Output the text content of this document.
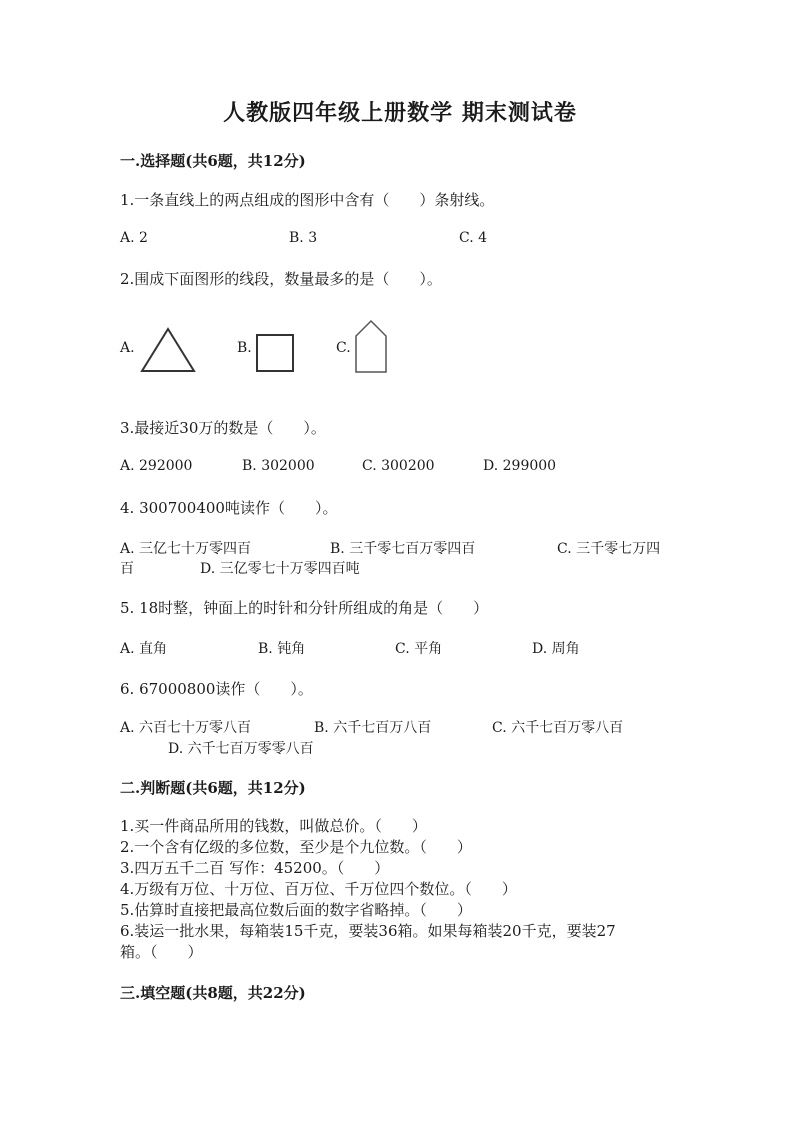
人教版四年级上册数学 期末测试卷
一.选择题(共6题，共12分)
1.一条直线上的两点组成的图形中含有（　　）条射线。
A. 2	B. 3	C. 4
2.围成下面图形的线段，数量最多的是（　　）。
A.	B.	C.
3.最接近30万的数是（　　）。
A. 292000	B. 302000	C. 300200	D. 299000
4. 300700400吨读作（　　）。
A. 三亿七十万零四百	B. 三千零七百万零四百	C. 三千零七万四
百	D. 三亿零七十万零四百吨
5. 18时整，钟面上的时针和分针所组成的角是（　　）
A. 直角	B. 钝角	C. 平角	D. 周角
6. 67000800读作（　　）。
A. 六百七十万零八百	B. 六千七百万八百	C. 六千七百万零八百
D. 六千七百万零零八百
二.判断题(共6题，共12分)
1.买一件商品所用的钱数，叫做总价。（　　）
2.一个含有亿级的多位数，至少是个九位数。（　　）
3.四万五千二百 写作：45200。（　　）
4.万级有万位、十万位、百万位、千万位四个数位。（　　）
5.估算时直接把最高位数后面的数字省略掉。（　　）
6.装运一批水果，每箱装15千克，要装36箱。如果每箱装20千克，要装27
箱。（　　）
三.填空题(共8题，共22分)
